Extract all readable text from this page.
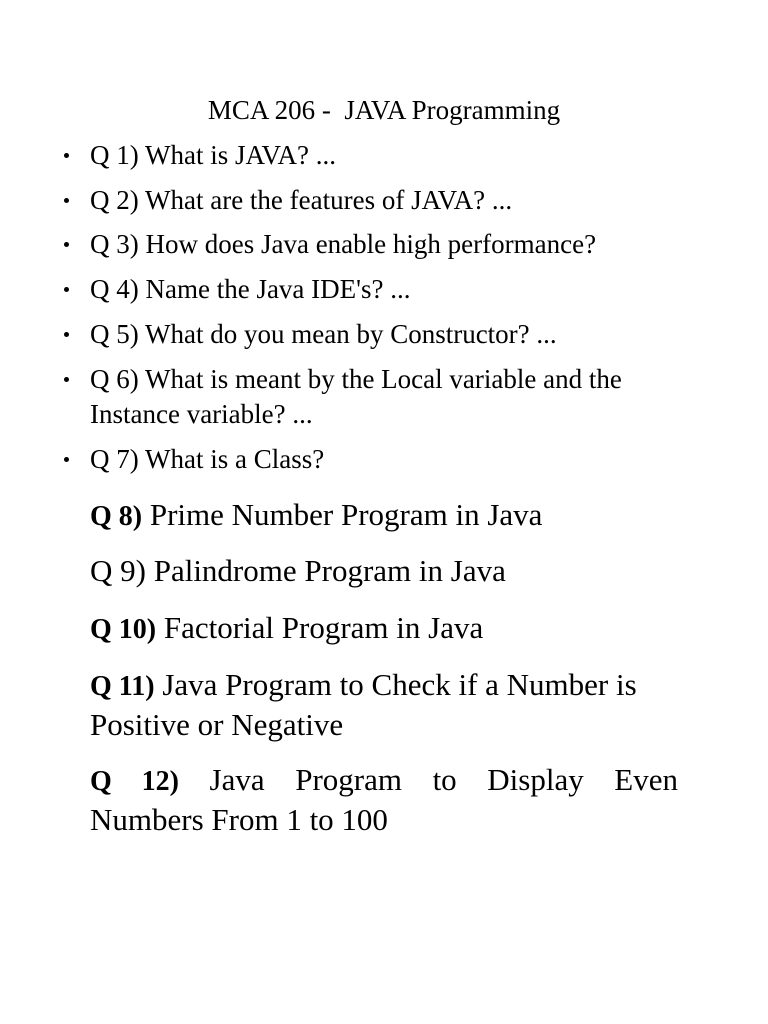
MCA 206 -  JAVA Programming
Q 1) What is JAVA? ...
Q 2) What are the features of JAVA? ...
Q 3) How does Java enable high performance?
Q 4) Name the Java IDE's? ...
Q 5) What do you mean by Constructor? ...
Q 6) What is meant by the Local variable and the Instance variable? ...
Q 7) What is a Class?
Q 8) Prime Number Program in Java
Q 9) Palindrome Program in Java
Q 10) Factorial Program in Java
Q 11) Java Program to Check if a Number is Positive or Negative
Q 12) Java Program to Display Even
Numbers From 1 to 100
